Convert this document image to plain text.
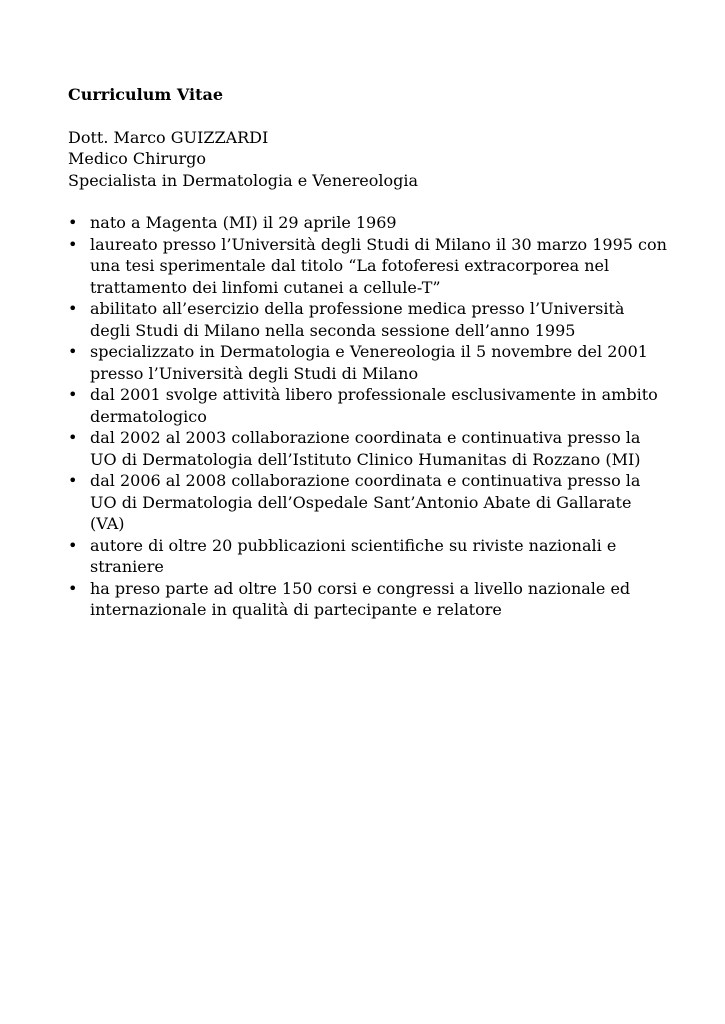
Curriculum Vitae
Dott. Marco GUIZZARDI
Medico Chirurgo
Specialista in Dermatologia e Venereologia
• nato a Magenta (MI) il 29 aprile 1969
• laureato presso l’Università degli Studi di Milano il 30 marzo 1995 con una tesi sperimentale dal titolo “La fotoferesi extracorporea nel trattamento dei linfomi cutanei a cellule-T”
• abilitato all’esercizio della professione medica presso l’Università degli Studi di Milano nella seconda sessione dell’anno 1995
• specializzato in Dermatologia e Venereologia il 5 novembre del 2001 presso l’Università degli Studi di Milano
• dal 2001 svolge attività libero professionale esclusivamente in ambito dermatologico
• dal 2002 al 2003 collaborazione coordinata e continuativa presso la UO di Dermatologia dell’Istituto Clinico Humanitas di Rozzano (MI)
• dal 2006 al 2008 collaborazione coordinata e continuativa presso la UO di Dermatologia dell’Ospedale Sant’Antonio Abate di Gallarate (VA)
• autore di oltre 20 pubblicazioni scientifiche su riviste nazionali e straniere
• ha preso parte ad oltre 150 corsi e congressi a livello nazionale ed internazionale in qualità di partecipante e relatore
